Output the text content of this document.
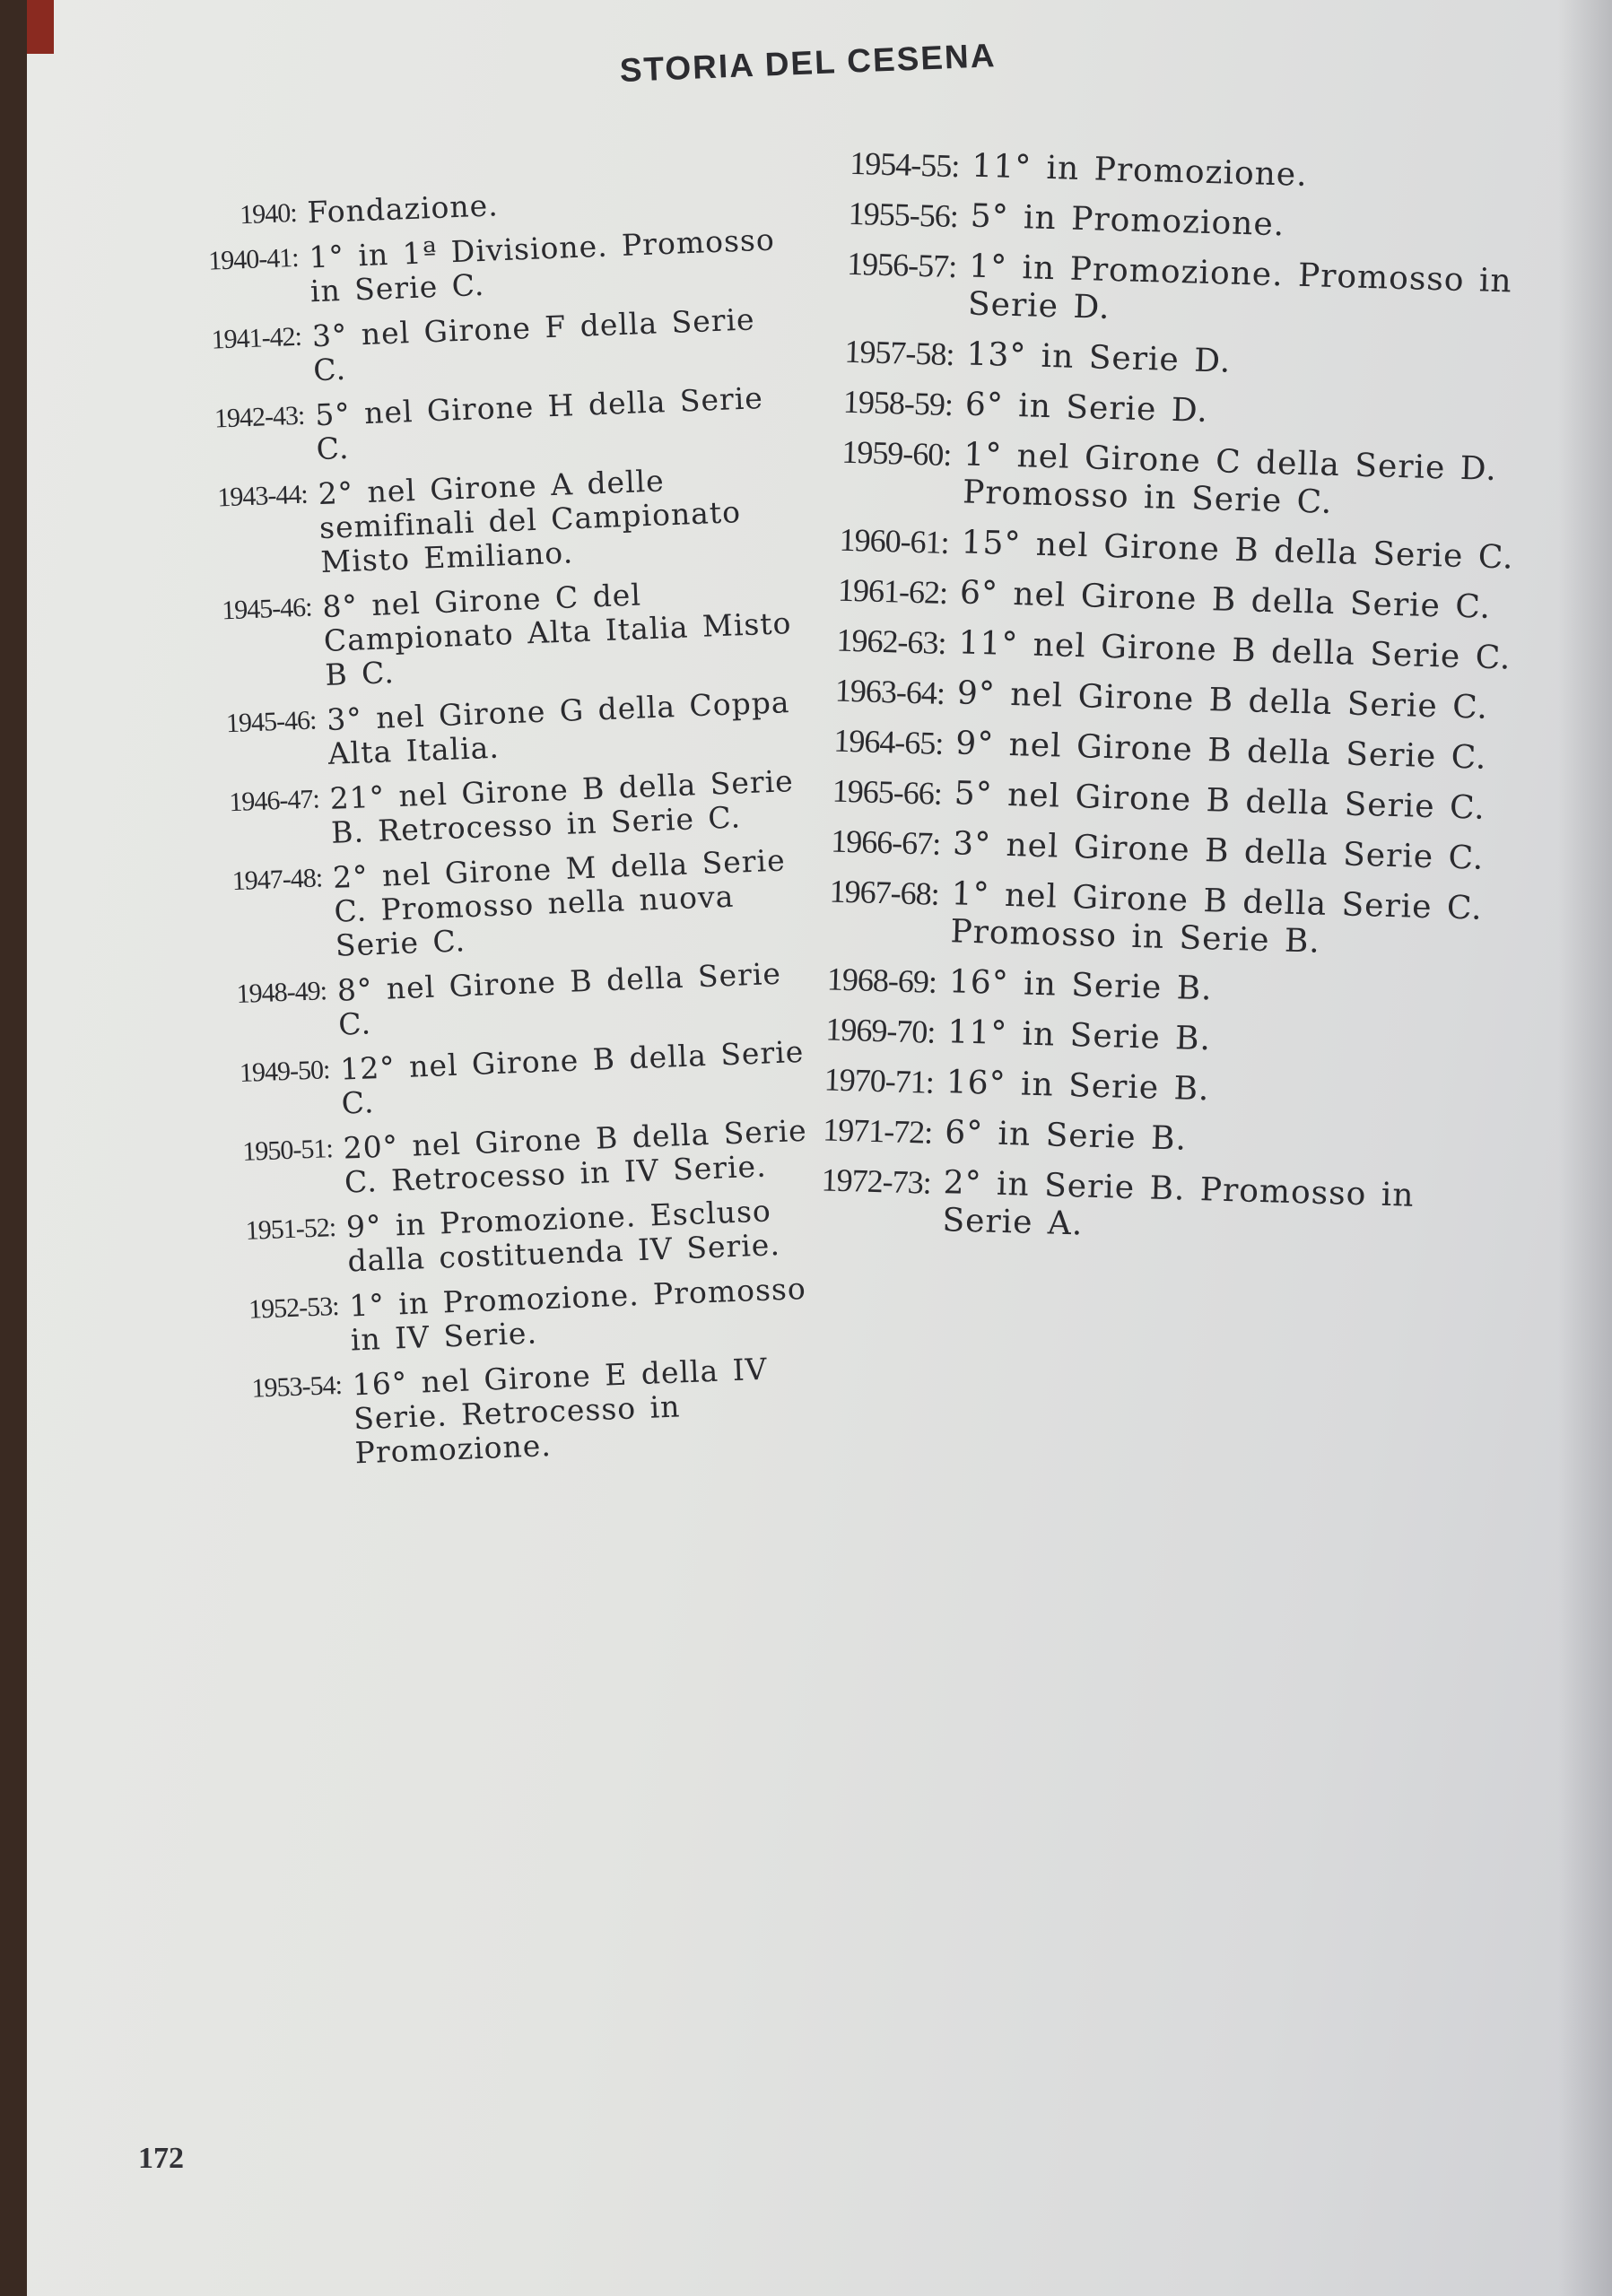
STORIA DEL CESENA
1940: Fondazione.
1940-41: 1° in 1ª Divisione. Promosso in Serie C.
1941-42: 3° nel Girone F della Serie C.
1942-43: 5° nel Girone H della Serie C.
1943-44: 2° nel Girone A delle semifinali del Campionato Misto Emiliano.
1945-46: 8° nel Girone C del Campionato Alta Italia Misto B C.
1945-46: 3° nel Girone G della Coppa Alta Italia.
1946-47: 21° nel Girone B della Serie B. Retrocesso in Serie C.
1947-48: 2° nel Girone M della Serie C. Promosso nella nuova Serie C.
1948-49: 8° nel Girone B della Serie C.
1949-50: 12° nel Girone B della Serie C.
1950-51: 20° nel Girone B della Serie C. Retrocesso in IV Serie.
1951-52: 9° in Promozione. Escluso dalla costituenda IV Serie.
1952-53: 1° in Promozione. Promosso in IV Serie.
1953-54: 16° nel Girone E della IV Serie. Retrocesso in Promozione.
1954-55: 11° in Promozione.
1955-56: 5° in Promozione.
1956-57: 1° in Promozione. Promosso in Serie D.
1957-58: 13° in Serie D.
1958-59: 6° in Serie D.
1959-60: 1° nel Girone C della Serie D. Promosso in Serie C.
1960-61: 15° nel Girone B della Serie C.
1961-62: 6° nel Girone B della Serie C.
1962-63: 11° nel Girone B della Serie C.
1963-64: 9° nel Girone B della Serie C.
1964-65: 9° nel Girone B della Serie C.
1965-66: 5° nel Girone B della Serie C.
1966-67: 3° nel Girone B della Serie C.
1967-68: 1° nel Girone B della Serie C. Promosso in Serie B.
1968-69: 16° in Serie B.
1969-70: 11° in Serie B.
1970-71: 16° in Serie B.
1971-72: 6° in Serie B.
1972-73: 2° in Serie B. Promosso in Serie A.
172
